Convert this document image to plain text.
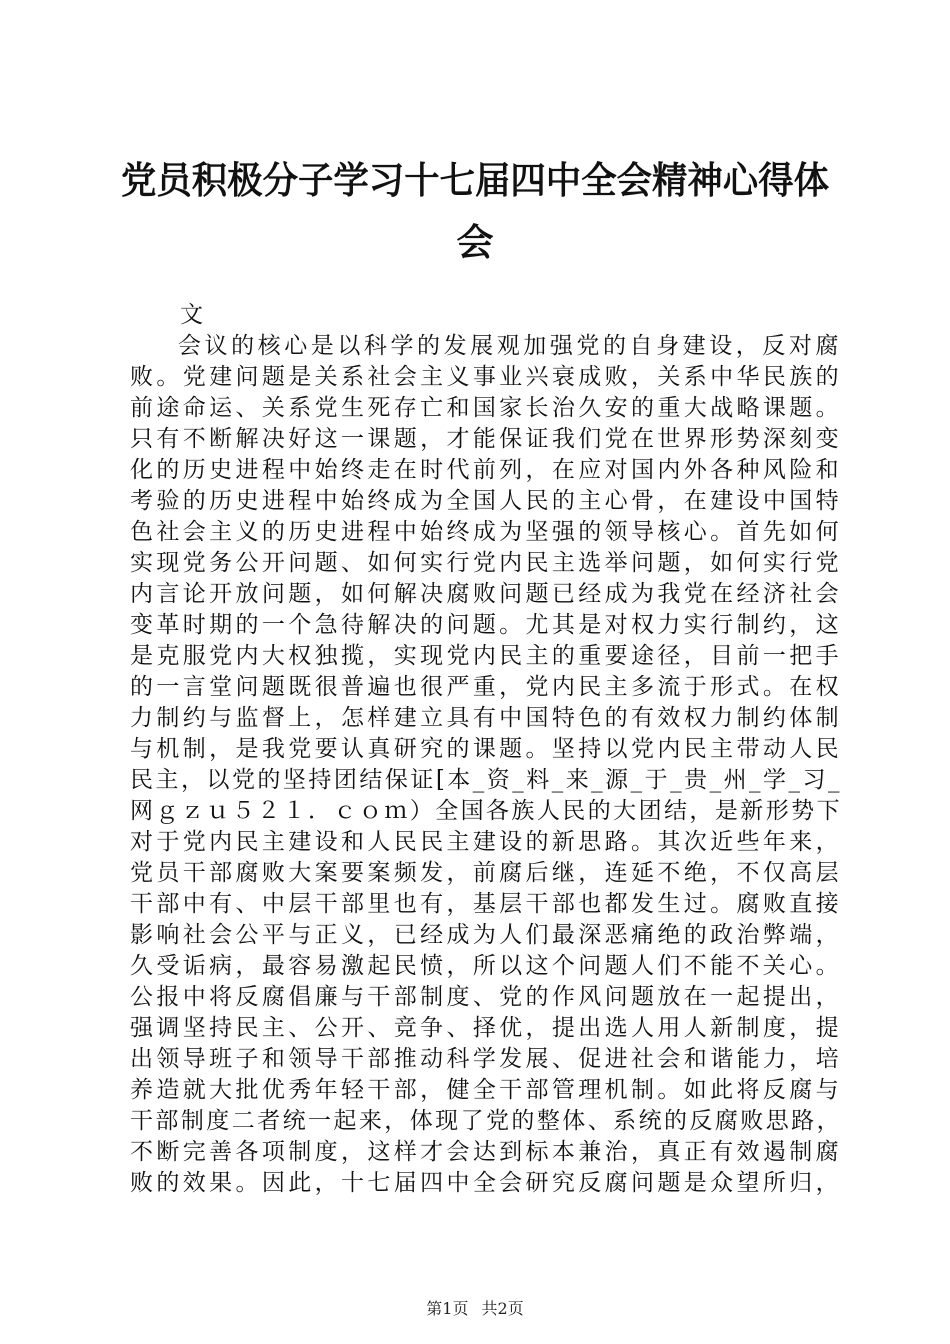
党员积极分子学习十七届四中全会精神心得体
会
文
会议的核心是以科学的发展观加强党的自身建设，反对腐
败。党建问题是关系社会主义事业兴衰成败，关系中华民族的
前途命运、关系党生死存亡和国家长治久安的重大战略课题。
只有不断解决好这一课题，才能保证我们党在世界形势深刻变
化的历史进程中始终走在时代前列，在应对国内外各种风险和
考验的历史进程中始终成为全国人民的主心骨，在建设中国特
色社会主义的历史进程中始终成为坚强的领导核心。首先如何
实现党务公开问题、如何实行党内民主选举问题，如何实行党
内言论开放问题，如何解决腐败问题已经成为我党在经济社会
变革时期的一个急待解决的问题。尤其是对权力实行制约，这
是克服党内大权独揽，实现党内民主的重要途径，目前一把手
的一言堂问题既很普遍也很严重，党内民主多流于形式。在权
力制约与监督上，怎样建立具有中国特色的有效权力制约体制
与机制，是我党要认真研究的课题。坚持以党内民主带动人民
民主，以党的坚持团结保证[本_资_料_来_源_于_贵_州_学_习_
网ｇｚｕ５２１．ｃｏｍ）全国各族人民的大团结，是新形势下
对于党内民主建设和人民民主建设的新思路。其次近些年来，
党员干部腐败大案要案频发，前腐后继，连延不绝，不仅高层
干部中有、中层干部里也有，基层干部也都发生过。腐败直接
影响社会公平与正义，已经成为人们最深恶痛绝的政治弊端，
久受诟病，最容易激起民愤，所以这个问题人们不能不关心。
公报中将反腐倡廉与干部制度、党的作风问题放在一起提出，
强调坚持民主、公开、竞争、择优，提出选人用人新制度，提
出领导班子和领导干部推动科学发展、促进社会和谐能力，培
养造就大批优秀年轻干部，健全干部管理机制。如此将反腐与
干部制度二者统一起来，体现了党的整体、系统的反腐败思路，
不断完善各项制度，这样才会达到标本兼治，真正有效遏制腐
败的效果。因此，十七届四中全会研究反腐问题是众望所归，
第1页 共2页
